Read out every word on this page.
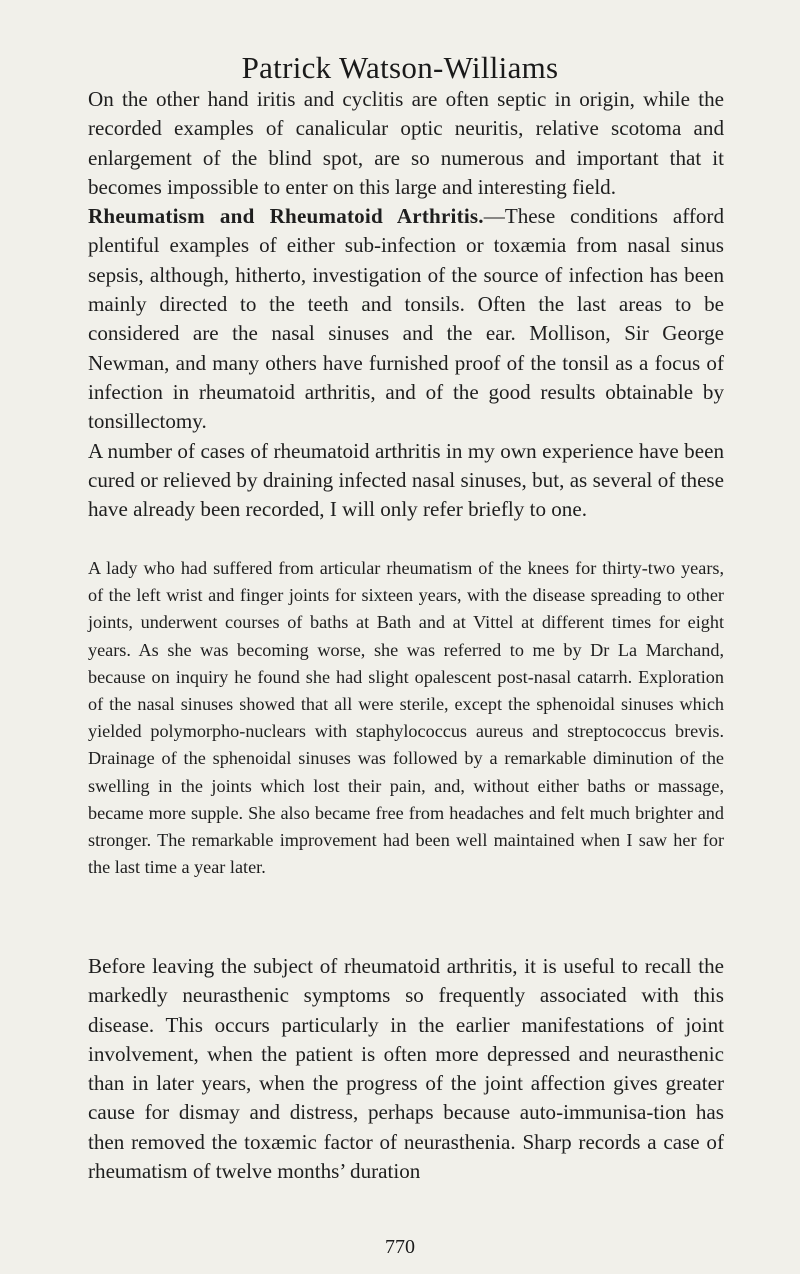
Patrick Watson-Williams

On the other hand iritis and cyclitis are often septic in origin, while the recorded examples of canalicular optic neuritis, relative scotoma and enlargement of the blind spot, are so numerous and important that it becomes impossible to enter on this large and interesting field.

Rheumatism and Rheumatoid Arthritis.—These conditions afford plentiful examples of either sub-infection or toxæmia from nasal sinus sepsis, although, hitherto, investigation of the source of infection has been mainly directed to the teeth and tonsils. Often the last areas to be considered are the nasal sinuses and the ear. Mollison, Sir George Newman, and many others have furnished proof of the tonsil as a focus of infection in rheumatoid arthritis, and of the good results obtainable by tonsillectomy.

A number of cases of rheumatoid arthritis in my own experience have been cured or relieved by draining infected nasal sinuses, but, as several of these have already been recorded, I will only refer briefly to one.

A lady who had suffered from articular rheumatism of the knees for thirty-two years, of the left wrist and finger joints for sixteen years, with the disease spreading to other joints, underwent courses of baths at Bath and at Vittel at different times for eight years. As she was becoming worse, she was referred to me by Dr La Marchand, because on inquiry he found she had slight opalescent post-nasal catarrh. Exploration of the nasal sinuses showed that all were sterile, except the sphenoidal sinuses which yielded polymorpho-nuclears with staphylococcus aureus and streptococcus brevis. Drainage of the sphenoidal sinuses was followed by a remarkable diminution of the swelling in the joints which lost their pain, and, without either baths or massage, became more supple. She also became free from headaches and felt much brighter and stronger. The remarkable improvement had been well maintained when I saw her for the last time a year later.

Before leaving the subject of rheumatoid arthritis, it is useful to recall the markedly neurasthenic symptoms so frequently associated with this disease. This occurs particularly in the earlier manifestations of joint involvement, when the patient is often more depressed and neurasthenic than in later years, when the progress of the joint affection gives greater cause for dismay and distress, perhaps because auto-immunisa-tion has then removed the toxæmic factor of neurasthenia. Sharp records a case of rheumatism of twelve months’ duration

770
